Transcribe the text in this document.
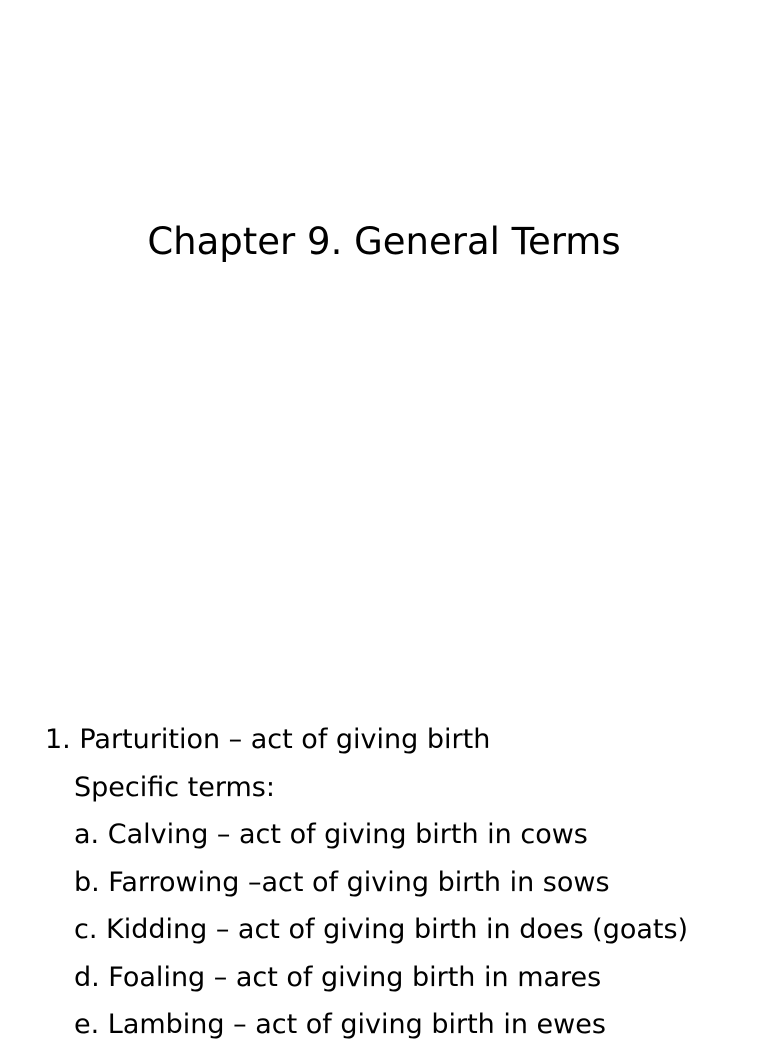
Chapter 9. General Terms
1. Parturition – act of giving birth
Specific terms:
a. Calving – act of giving birth in cows
b. Farrowing –act of giving birth in sows
c. Kidding – act of giving birth in does (goats)
d. Foaling – act of giving birth in mares
e. Lambing – act of giving birth in ewes
